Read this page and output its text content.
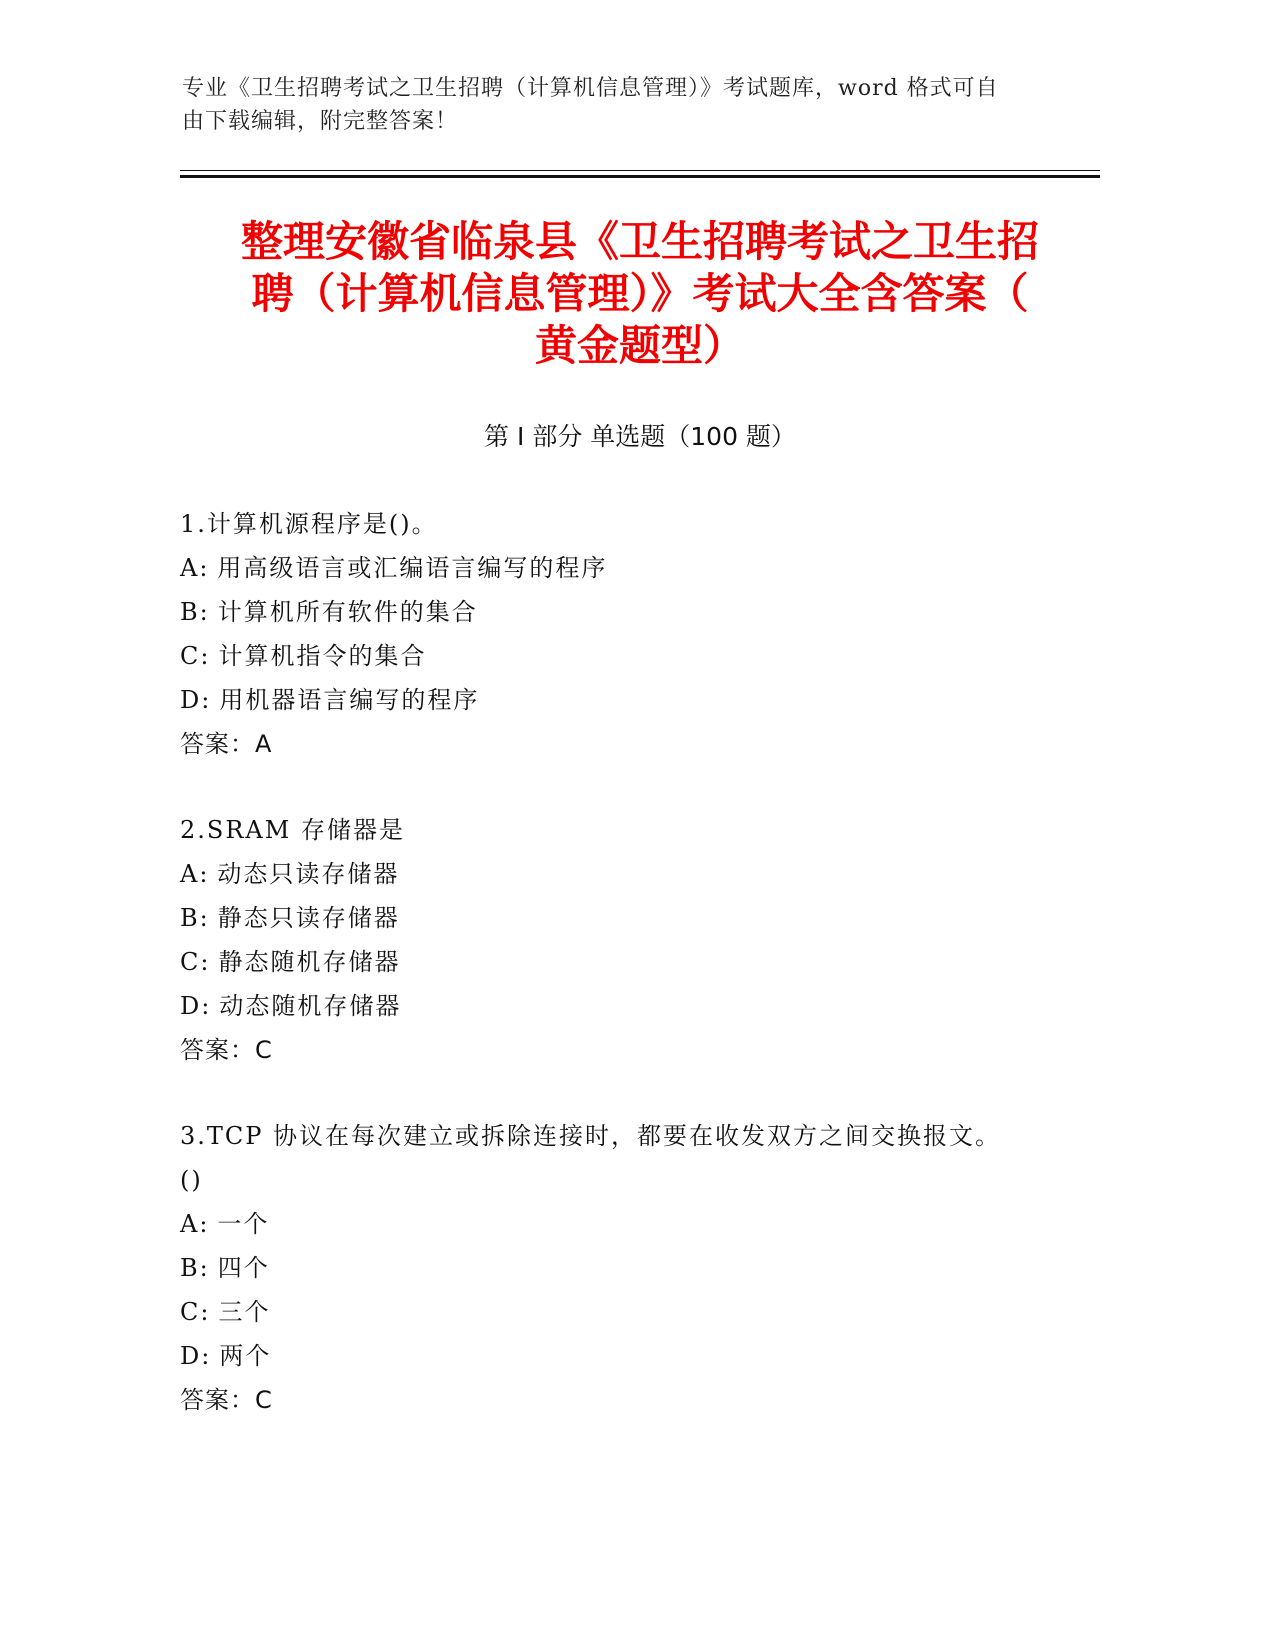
专业《卫生招聘考试之卫生招聘（计算机信息管理）》考试题库，word 格式可自
由下载编辑，附完整答案！
整理安徽省临泉县《卫生招聘考试之卫生招
聘（计算机信息管理）》考试大全含答案（
黄金题型）
第 I 部分 单选题（100 题）
1.计算机源程序是()。
A: 用高级语言或汇编语言编写的程序
B: 计算机所有软件的集合
C: 计算机指令的集合
D: 用机器语言编写的程序
答案：A
2.SRAM 存储器是
A: 动态只读存储器
B: 静态只读存储器
C: 静态随机存储器
D: 动态随机存储器
答案：C
3.TCP 协议在每次建立或拆除连接时，都要在收发双方之间交换报文。
()
A: 一个
B: 四个
C: 三个
D: 两个
答案：C
